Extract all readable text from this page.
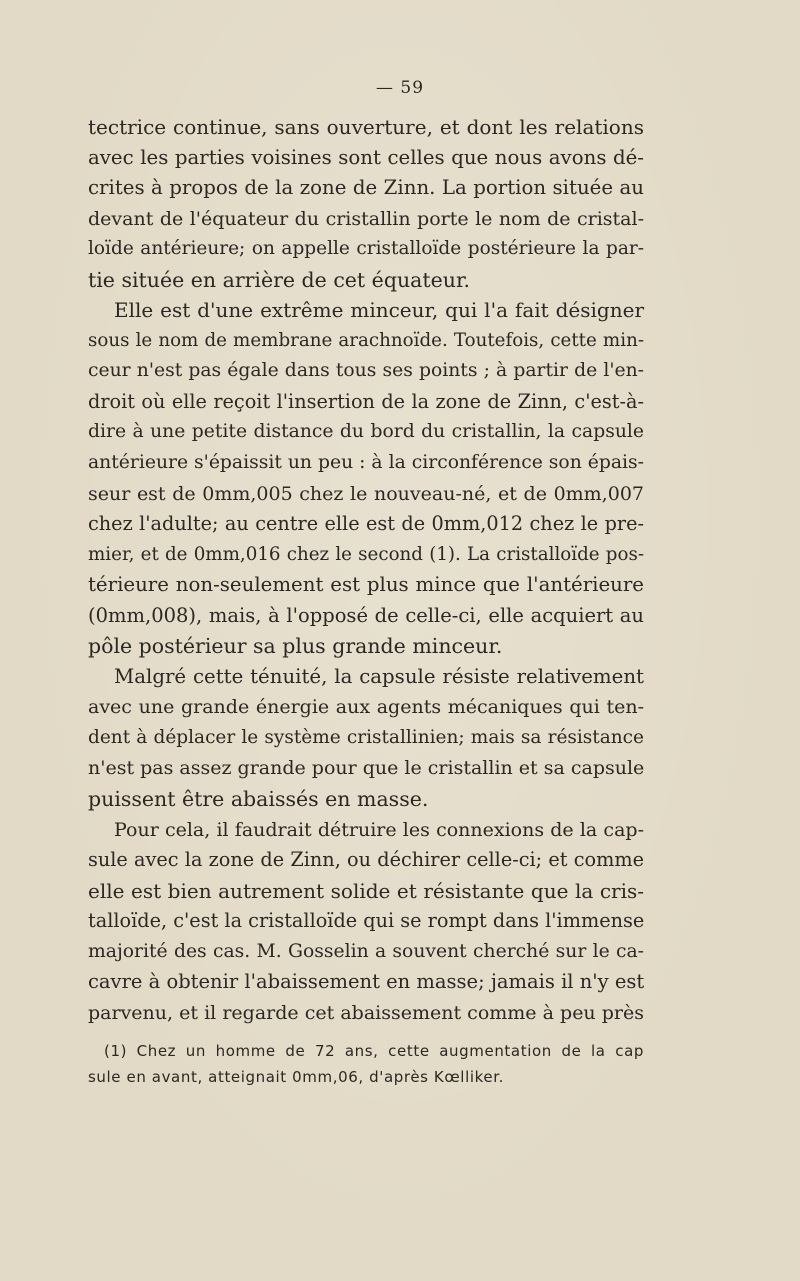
— 59
tectrice continue, sans ouverture, et dont les relations
avec les parties voisines sont celles que nous avons dé-
crites à propos de la zone de Zinn. La portion située au
devant de l'équateur du cristallin porte le nom de cristal-
loïde antérieure; on appelle cristalloïde postérieure la par-
tie située en arrière de cet équateur.
Elle est d'une extrême minceur, qui l'a fait désigner
sous le nom de membrane arachnoïde. Toutefois, cette min-
ceur n'est pas égale dans tous ses points ; à partir de l'en-
droit où elle reçoit l'insertion de la zone de Zinn, c'est-à-
dire à une petite distance du bord du cristallin, la capsule
antérieure s'épaissit un peu : à la circonférence son épais-
seur est de 0mm,005 chez le nouveau-né, et de 0mm,007
chez l'adulte; au centre elle est de 0mm,012 chez le pre-
mier, et de 0mm,016 chez le second (1). La cristalloïde pos-
térieure non-seulement est plus mince que l'antérieure
(0mm,008), mais, à l'opposé de celle-ci, elle acquiert au
pôle postérieur sa plus grande minceur.
Malgré cette ténuité, la capsule résiste relativement
avec une grande énergie aux agents mécaniques qui ten-
dent à déplacer le système cristallinien; mais sa résistance
n'est pas assez grande pour que le cristallin et sa capsule
puissent être abaissés en masse.
Pour cela, il faudrait détruire les connexions de la cap-
sule avec la zone de Zinn, ou déchirer celle-ci; et comme
elle est bien autrement solide et résistante que la cris-
talloïde, c'est la cristalloïde qui se rompt dans l'immense
majorité des cas. M. Gosselin a souvent cherché sur le ca-
cavre à obtenir l'abaissement en masse; jamais il n'y est
parvenu, et il regarde cet abaissement comme à peu près
(1) Chez un homme de 72 ans, cette augmentation de la cap
sule en avant, atteignait 0mm,06, d'après Kœlliker.
